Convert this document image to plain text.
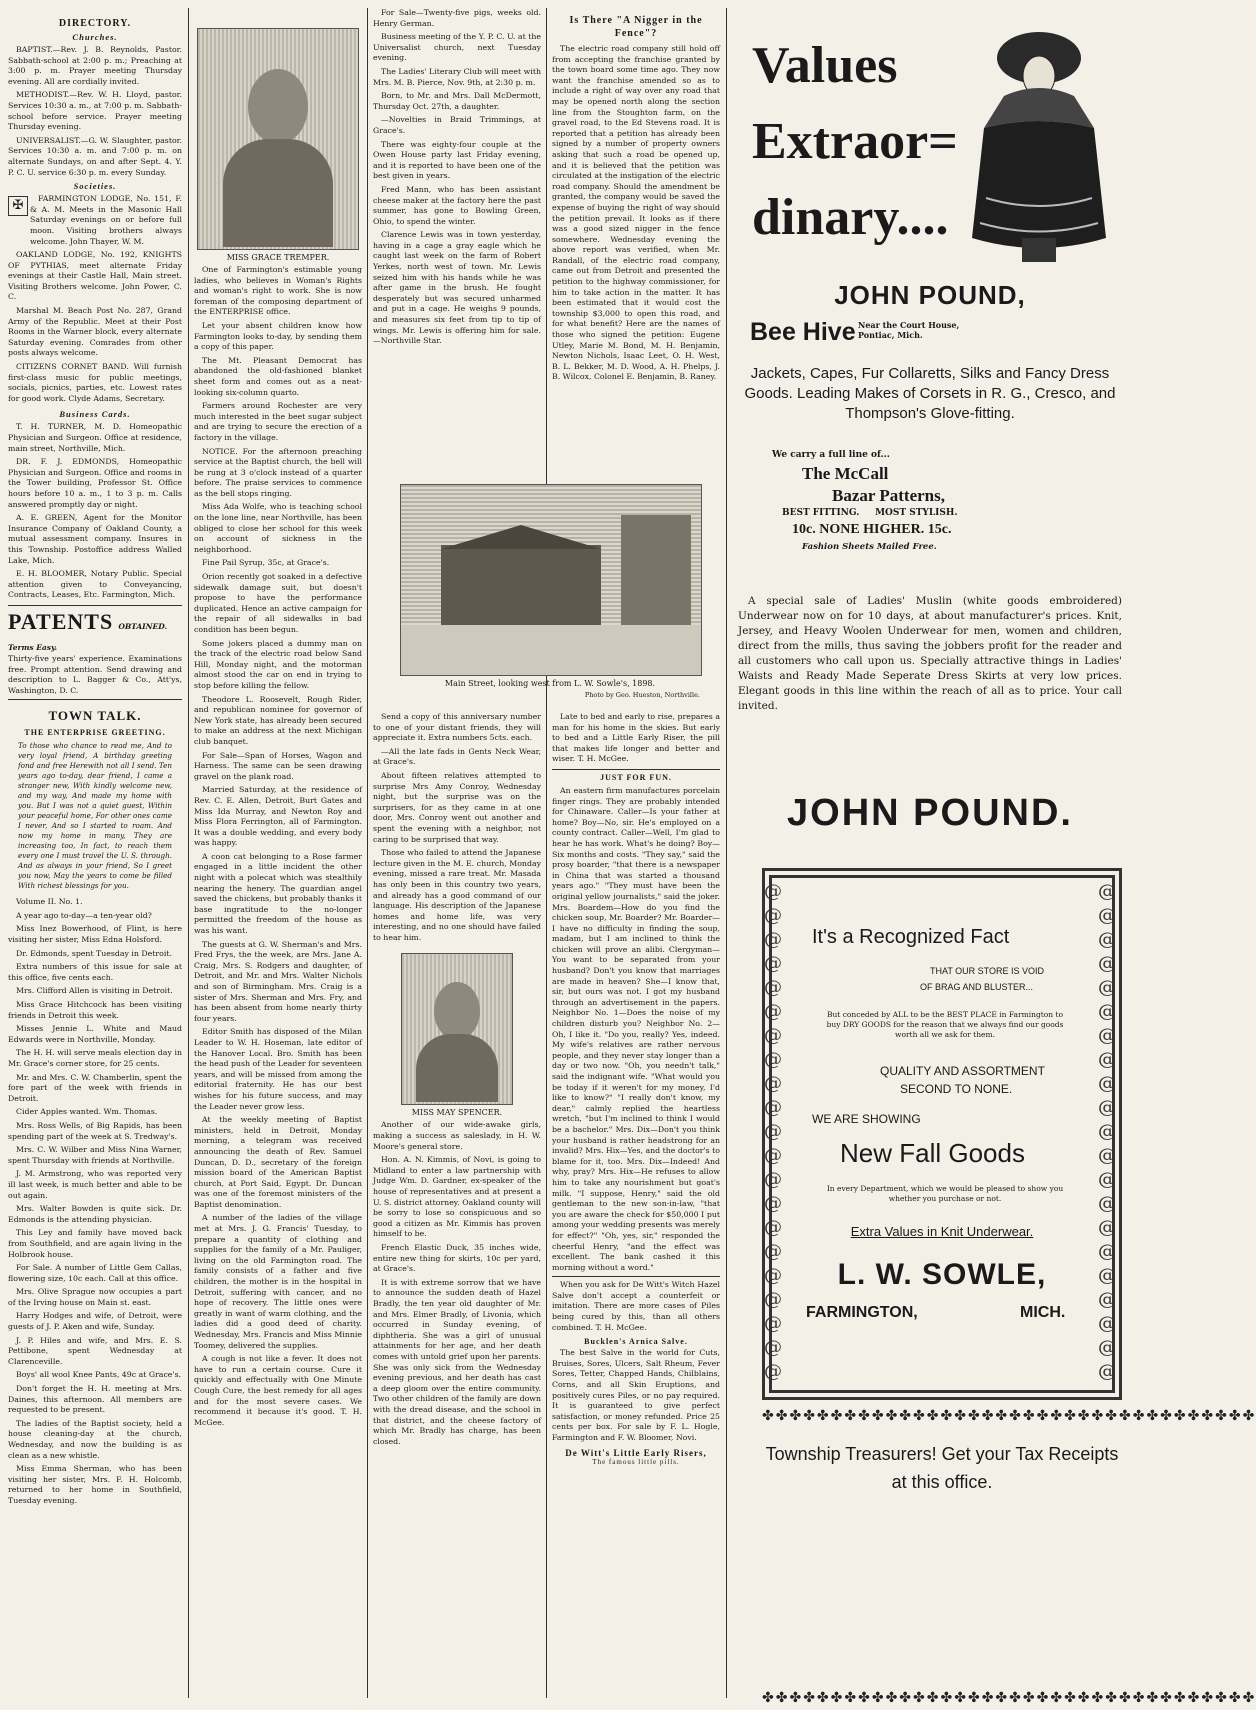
DIRECTORY.
Churches.

BAPTIST.—Rev. J. B. Reynolds, Pastor. Sabbath-school at 2:00 p. m.; Preaching at 3:00 p. m. Prayer meeting Thursday evening. All are cordially invited.

METHODIST.—Rev. W. H. Lloyd, pastor. Services 10:30 a. m., at 7:00 p. m. Sabbath-school before service. Prayer meeting Thursday evening.

UNIVERSALIST.—G. W. Slaughter, pastor. Services 10:30 a. m. and 7:00 p. m. on alternate Sundays, on and after Sept. 4. Y. P. C. U. service 6:30 p. m. every Sunday.

Societies.
✠	FARMINGTON LODGE, No. 151, F. & A. M. Meets in the Masonic Hall Saturday evenings on or before full moon. Visiting brothers always welcome. John Thayer, W. M.

OAKLAND LODGE, No. 192, KNIGHTS OF PYTHIAS, meet alternate Friday evenings at their Castle Hall, Main street. Visiting Brothers welcome. John Power, C. C.

Marshal M. Beach Post No. 287, Grand Army of the Republic. Meet at their Post Rooms in the Warner block, every alternate Saturday evening. Comrades from other posts always welcome.

CITIZENS CORNET BAND. Will furnish first-class music for public meetings, socials, picnics, parties, etc. Lowest rates for good work. Clyde Adams, Secretary.

Business Cards.

T. H. TURNER, M. D. Homeopathic Physician and Surgeon. Office at residence, main street, Northville, Mich.

DR. F. J. EDMONDS, Homeopathic Physician and Surgeon. Office and rooms in the Tower building, Professor St. Office hours before 10 a. m., 1 to 3 p. m. Calls answered promptly day or night.

A. E. GREEN, Agent for the Monitor Insurance Company of Oakland County, a mutual assessment company. Insures in this Township. Postoffice address Walled Lake, Mich.

E. H. BLOOMER, Notary Public. Special attention given to Conveyancing, Contracts, Leases, Etc. Farmington, Mich.

PATENTS OBTAINED. Terms Easy.
Thirty-five years' experience. Examinations free. Prompt attention. Send drawing and description to L. Bagger & Co., Att'ys, Washington, D. C.
TOWN TALK.
THE ENTERPRISE GREETING.
To those who chance to read me, And to very loyal friend, A birthday greeting fond and free Herewith not all I send. Ten years ago to-day, dear friend, I came a stranger new, With kindly welcome new, and my way, And made my home with you. But I was not a quiet guest, Within your peaceful home, For other ones came I never, And so I started to roam. And now my home in many, They are increasing too, In fact, to reach them every one I must travel the U. S. through. And as always in your friend, So I greet you now, May the years to come be filled With richest blessings for you.

Volume II. No. 1.

A year ago to-day—a ten-year old?

Miss Inez Bowerhood, of Flint, is here visiting her sister, Miss Edna Holsford.

Dr. Edmonds, spent Tuesday in Detroit.

Extra numbers of this issue for sale at this office, five cents each.

Mrs. Clifford Allen is visiting in Detroit.

Miss Grace Hitchcock has been visiting friends in Detroit this week.

Misses Jennie L. White and Maud Edwards were in Northville, Monday.

The H. H. will serve meals election day in Mr. Grace's corner store, for 25 cents.

Mr. and Mrs. C. W. Chamberlin, spent the fore part of the week with friends in Detroit.

Cider Apples wanted. Wm. Thomas.

Mrs. Ross Wells, of Big Rapids, has been spending part of the week at S. Tredway's.

Mrs. C. W. Wilber and Miss Nina Warner, spent Thursday with friends at Northville.

J. M. Armstrong, who was reported very ill last week, is much better and able to be out again.

Mrs. Walter Bowden is quite sick. Dr. Edmonds is the attending physician.

This Ley and family have moved back from Southfield, and are again living in the Holbrook house.

For Sale. A number of Little Gem Callas, flowering size, 10c each. Call at this office.

Mrs. Olive Sprague now occupies a part of the Irving house on Main st. east.

Harry Hodges and wife, of Detroit, were guests of J. P. Aken and wife, Sunday.

J. P. Hiles and wife, and Mrs. E. S. Pettibone, spent Wednesday at Clarenceville.

Boys' all wool Knee Pants, 49c at Grace's.

Don't forget the H. H. meeting at Mrs. Daines, this afternoon. All members are requested to be present.

The ladies of the Baptist society, held a house cleaning-day at the church, Wednesday, and now the building is as clean as a new whistle.

Miss Emma Sherman, who has been visiting her sister, Mrs. F. H. Holcomb, returned to her home in Southfield, Tuesday evening.

MISS GRACE TREMPER.

One of Farmington's estimable young ladies, who believes in Woman's Rights and woman's right to work. She is now foreman of the composing department of the ENTERPRISE office.

Let your absent children know how Farmington looks to-day, by sending them a copy of this paper.

The Mt. Pleasant Democrat has abandoned the old-fashioned blanket sheet form and comes out as a neat-looking six-column quarto.

Farmers around Rochester are very much interested in the beet sugar subject and are trying to secure the erection of a factory in the village.

NOTICE. For the afternoon preaching service at the Baptist church, the bell will be rung at 3 o'clock instead of a quarter before. The praise services to commence as the bell stops ringing.

Miss Ada Wolfe, who is teaching school on the lone line, near Northville, has been obliged to close her school for this week on account of sickness in the neighborhood.

Fine Pail Syrup, 35c, at Grace's.

Orion recently got soaked in a defective sidewalk damage suit, but doesn't propose to have the performance duplicated. Hence an active campaign for the repair of all sidewalks in bad condition has been begun.

Some jokers placed a dummy man on the track of the electric road below Sand Hill, Monday night, and the motorman almost stood the car on end in trying to stop before killing the fellow.

Theodore L. Roosevelt, Rough Rider, and republican nominee for governor of New York state, has already been secured to make an address at the next Michigan club banquet.

For Sale—Span of Horses, Wagon and Harness. The same can be seen drawing gravel on the plank road.

Married Saturday, at the residence of Rev. C. E. Allen, Detroit, Burt Gates and Miss Ida Murray, and Newton Roy and Miss Flora Ferrington, all of Farmington. It was a double wedding, and every body was happy.

A coon cat belonging to a Rose farmer engaged in a little incident the other night with a polecat which was stealthily nearing the henery. The guardian angel saved the chickens, but probably thanks it base ingratitude to the no-longer permitted the freedom of the house as was his want.

The guests at G. W. Sherman's and Mrs. Fred Frys, the the week, are Mrs. Jane A. Craig, Mrs. S. Rodgers and daughter, of Detroit, and Mr. and Mrs. Walter Nichols and son of Birmingham. Mrs. Craig is a sister of Mrs. Sherman and Mrs. Fry, and has been absent from home nearly thirty four years.

Editor Smith has disposed of the Milan Leader to W. H. Hoseman, late editor of the Hanover Local. Bro. Smith has been the head push of the Leader for seventeen years, and will be missed from among the editorial fraternity. He has our best wishes for his future success, and may the Leader never grow less.

At the weekly meeting of Baptist ministers, held in Detroit, Monday morning, a telegram was received announcing the death of Rev. Samuel Duncan, D. D., secretary of the foreign mission board of the American Baptist church, at Port Said, Egypt. Dr. Duncan was one of the foremost ministers of the Baptist denomination.

A number of the ladies of the village met at Mrs. J. G. Francis' Tuesday, to prepare a quantity of clothing and supplies for the family of a Mr. Pauliger, living on the old Farmington road. The family consists of a father and five children, the mother is in the hospital in Detroit, suffering with cancer, and no hope of recovery. The little ones were greatly in want of warm clothing, and the ladies did a good deed of charity. Wednesday, Mrs. Francis and Miss Minnie Toomey, delivered the supplies.

A cough is not like a fever. It does not have to run a certain course. Cure it quickly and effectually with One Minute Cough Cure, the best remedy for all ages and for the most severe cases. We recommend it because it's good. T. H. McGee.

For Sale—Twenty-five pigs, weeks old. Henry German.

Business meeting of the Y. P. C. U. at the Universalist church, next Tuesday evening.

The Ladies' Literary Club will meet with Mrs. M. B. Pierce, Nov. 9th, at 2:30 p. m.

Born, to Mr. and Mrs. Dall McDermott, Thursday Oct. 27th, a daughter.

—Novelties in Braid Trimmings, at Grace's.

There was eighty-four couple at the Owen House party last Friday evening, and it is reported to have been one of the best given in years.

Fred Mann, who has been assistant cheese maker at the factory here the past summer, has gone to Bowling Green, Ohio, to spend the winter.

Clarence Lewis was in town yesterday, having in a cage a gray eagle which he caught last week on the farm of Robert Yerkes, north west of town. Mr. Lewis seized him with his hands while he was after game in the brush. He fought desperately but was secured unharmed and put in a cage. He weighs 9 pounds, and measures six feet from tip to tip of wings. Mr. Lewis is offering him for sale.—Northville Star.

Main Street, looking west from L. W. Sowle's, 1898.
Photo by Geo. Hueston, Northville.

Send a copy of this anniversary number to one of your distant friends, they will appreciate it. Extra numbers 5cts. each.

—All the late fads in Gents Neck Wear, at Grace's.

About fifteen relatives attempted to surprise Mrs Amy Conroy, Wednesday night, but the surprise was on the surprisers, for as they came in at one door, Mrs. Conroy went out another and spent the evening with a neighbor, not caring to be surprised that way.

Those who failed to attend the Japanese lecture given in the M. E. church, Monday evening, missed a rare treat. Mr. Masada has only been in this country two years, and already has a good command of our language. His description of the Japanese homes and home life, was very interesting, and no one should have failed to hear him.

MISS MAY SPENCER.

Another of our wide-awake girls, making a success as saleslady, in H. W. Moore's general store.

Hon. A. N. Kimmis, of Novi, is going to Midland to enter a law partnership with Judge Wm. D. Gardner, ex-speaker of the house of representatives and at present a U. S. district attorney. Oakland county will be sorry to lose so conspicuous and so good a citizen as Mr. Kimmis has proven himself to be.

French Elastic Duck, 35 inches wide, entire new thing for skirts, 10c per yard, at Grace's.

It is with extreme sorrow that we have to announce the sudden death of Hazel Bradly, the ten year old daughter of Mr. and Mrs. Elmer Bradly, of Livonia, which occurred in Sunday evening, of diphtheria. She was a girl of unusual attainments for her age, and her death comes with untold grief upon her parents. She was only sick from the Wednesday evening previous, and her death has cast a deep gloom over the entire community. Two other children of the family are down with the dread disease, and the school in that district, and the cheese factory of which Mr. Bradly has charge, has been closed.

Is There "A Nigger in the Fence"?

The electric road company still hold off from accepting the franchise granted by the town board some time ago. They now want the franchise amended so as to include a right of way over any road that may be opened north along the section line from the Stoughton farm, on the gravel road, to the Ed Stevens road. It is reported that a petition has already been signed by a number of property owners asking that such a road be opened up, and it is believed that the petition was circulated at the instigation of the electric road company. Should the amendment be granted, the company would be saved the expense of buying the right of way should the petition prevail. It looks as if there was a good sized nigger in the fence somewhere. Wednesday evening the above report was verified, when Mr. Randall, of the electric road company, came out from Detroit and presented the petition to the highway commissioner, for him to take action in the matter. It has been estimated that it would cost the township $3,000 to open this road, and for what benefit? Here are the names of those who signed the petition: Eugene Utley, Marie M. Bond, M. H. Benjamin, Newton Nichols, Isaac Leet, O. H. West, B. L. Bekker, M. D. Wood, A. H. Phelps, J. B. Wilcox, Colonel E. Benjamin, B. Raney.

Late to bed and early to rise, prepares a man for his home in the skies. But early to bed and a Little Early Riser, the pill that makes life longer and better and wiser. T. H. McGee.

JUST FOR FUN.

An eastern firm manufactures porcelain finger rings. They are probably intended for Chinaware. Caller—Is your father at home? Boy—No, sir. He's employed on a county contract. Caller—Well, I'm glad to hear he has work. What's he doing? Boy—Six months and costs. "They say," said the prosy boarder, "that there is a newspaper in China that was started a thousand years ago." "They must have been the original yellow journalists," said the joker. Mrs. Boardem—How do you find the chicken soup, Mr. Boarder? Mr. Boarder—I have no difficulty in finding the soup, madam, but I am inclined to think the chicken will prove an alibi. Clergyman—You want to be separated from your husband? Don't you know that marriages are made in heaven? She—I know that, sir, but ours was not. I got my husband through an advertisement in the papers. Neighbor No. 1—Does the noise of my children disturb you? Neighbor No. 2—Oh, I like it. "Do you, really? Yes, indeed. My wife's relatives are rather nervous people, and they never stay longer than a day or two now. "Oh, you needn't talk," said the indignant wife. "What would you be today if it weren't for my money, I'd like to know?" "I really don't know, my dear," calmly replied the heartless wretch, "but I'm inclined to think I would be a bachelor." Mrs. Dix—Don't you think your husband is rather headstrong for an invalid? Mrs. Hix—Yes, and the doctor's to blame for it, too. Mrs. Dix—Indeed! And why, pray? Mrs. Hix—He refuses to allow him to take any nourishment but goat's milk. "I suppose, Henry," said the old gentleman to the new son-in-law, "that you are aware the check for $50,000 I put among your wedding presents was merely for effect?" "Oh, yes, sir," responded the cheerful Henry, "and the effect was excellent. The bank cashed it this morning without a word."

When you ask for De Witt's Witch Hazel Salve don't accept a counterfeit or imitation. There are more cases of Piles being cured by this, than all others combined. T. H. McGee.

Bucklen's Arnica Salve.

The best Salve in the world for Cuts, Bruises, Sores, Ulcers, Salt Rheum, Fever Sores, Tetter, Chapped Hands, Chilblains, Corns, and all Skin Eruptions, and positively cures Piles, or no pay required. It is guaranteed to give perfect satisfaction, or money refunded. Price 25 cents per box. For sale by F. L. Hogle, Farmington and F. W. Bloomer, Novi.

De Witt's Little Early Risers,
The famous little pills.
Values
Extraor=
dinary....
JOHN POUND,
Bee Hive Near the Court House, Pontiac, Mich.
Jackets, Capes, Fur Collaretts, Silks and Fancy Dress Goods. Leading Makes of Corsets in R. G., Cresco, and Thompson's Glove-fitting.
We carry a full line of...
The McCall
Bazar Patterns,
BEST FITTING.     MOST STYLISH.
10c. NONE HIGHER. 15c.
Fashion Sheets Mailed Free.
A special sale of Ladies' Muslin (white goods embroidered) Underwear now on for 10 days, at about manufacturer's prices. Knit, Jersey, and Heavy Woolen Underwear for men, women and children, direct from the mills, thus saving the jobbers profit for the reader and all customers who call upon us. Specially attractive things in Ladies' Waists and Ready Made Seperate Dress Skirts at very low prices. Elegant goods in this line within the reach of all as to price. Your call invited.
JOHN POUND.
@
@
@
@
@
@
@
@
@
@
@
@
@
@
@
@
@
@
@
@
@
@
@
@
@
@
@
@
@
@
@
@
@
@
@
@
@
@
@
@
@
@
It's a Recognized Fact
THAT OUR STORE IS VOID
OF BRAG AND BLUSTER...
But conceded by ALL to be the BEST PLACE in Farmington to buy DRY GOODS for the reason that we always find our goods worth all we ask for them.
QUALITY AND ASSORTMENT
SECOND TO NONE.
WE ARE SHOWING
New Fall Goods
In every Department, which we would be pleased to show you whether you purchase or not.
Extra Values in Knit Underwear.
L. W. SOWLE,
FARMINGTON,	MICH.
✤✤✤✤✤✤✤✤✤✤✤✤✤✤✤✤✤✤✤✤✤✤✤✤✤✤✤✤✤✤✤✤✤✤✤✤
Township Treasurers! Get your Tax Receipts at this office.
✤✤✤✤✤✤✤✤✤✤✤✤✤✤✤✤✤✤✤✤✤✤✤✤✤✤✤✤✤✤✤✤✤✤✤✤
